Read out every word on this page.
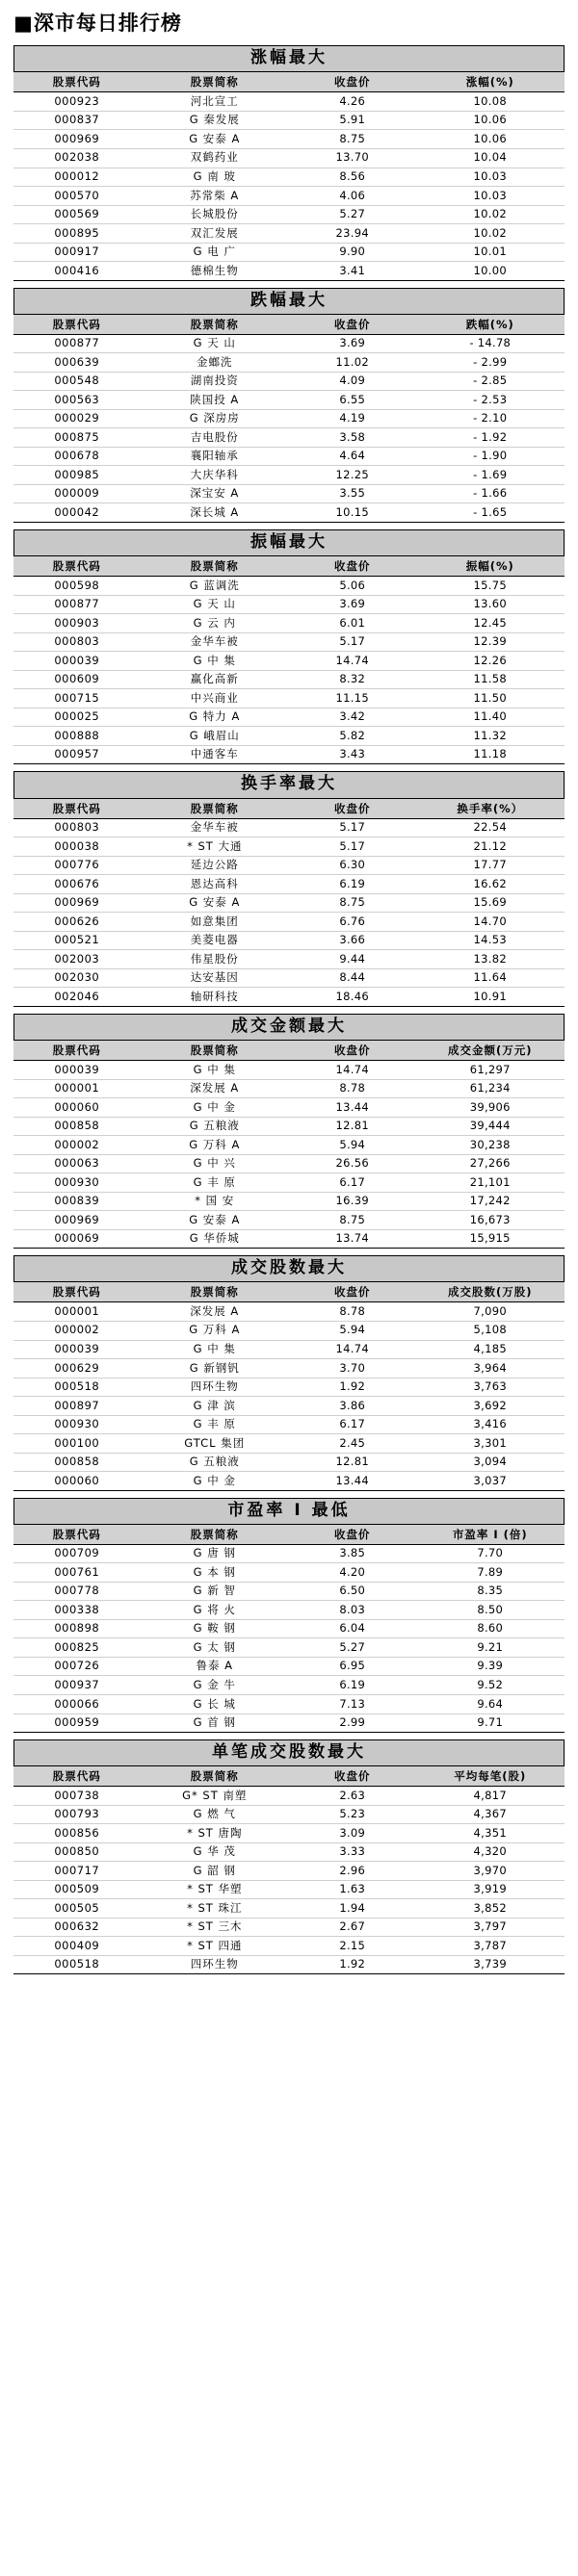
■深市每日排行榜
涨幅最大
股票代码	股票简称	收盘价	涨幅(%)
000923	河北宣工	4.26	10.08
000837	G 秦发展	5.91	10.06
000969	G 安泰 A	8.75	10.06
002038	双鹤药业	13.70	10.04
000012	G 南 玻	8.56	10.03
000570	苏常柴 A	4.06	10.03
000569	长城股份	5.27	10.02
000895	双汇发展	23.94	10.02
000917	G 电 广	9.90	10.01
000416	德棉生物	3.41	10.00
跌幅最大
股票代码	股票简称	收盘价	跌幅(%)
000877	G 天 山	3.69	- 14.78
000639	金螂洗	11.02	- 2.99
000548	湖南投资	4.09	- 2.85
000563	陕国投 A	6.55	- 2.53
000029	G 深房房	4.19	- 2.10
000875	吉电股份	3.58	- 1.92
000678	襄阳轴承	4.64	- 1.90
000985	大庆华科	12.25	- 1.69
000009	深宝安 A	3.55	- 1.66
000042	深长城 A	10.15	- 1.65
振幅最大
股票代码	股票简称	收盘价	振幅(%)
000598	G 蓝调洗	5.06	15.75
000877	G 天 山	3.69	13.60
000903	G 云 内	6.01	12.45
000803	金华车被	5.17	12.39
000039	G 中 集	14.74	12.26
000609	赢化高新	8.32	11.58
000715	中兴商业	11.15	11.50
000025	G 特力 A	3.42	11.40
000888	G 峨眉山	5.82	11.32
000957	中通客车	3.43	11.18
换手率最大
股票代码	股票简称	收盘价	换手率(%）
000803	金华车被	5.17	22.54
000038	* ST 大通	5.17	21.12
000776	延边公路	6.30	17.77
000676	恩达高科	6.19	16.62
000969	G 安泰 A	8.75	15.69
000626	如意集团	6.76	14.70
000521	美菱电器	3.66	14.53
002003	伟星股份	9.44	13.82
002030	达安基因	8.44	11.64
002046	轴研科技	18.46	10.91
成交金额最大
股票代码	股票简称	收盘价	成交金额(万元)
000039	G 中 集	14.74	61,297
000001	深发展 A	8.78	61,234
000060	G 中 金	13.44	39,906
000858	G 五粮液	12.81	39,444
000002	G 万科 A	5.94	30,238
000063	G 中 兴	26.56	27,266
000930	G 丰 原	6.17	21,101
000839	* 国 安	16.39	17,242
000969	G 安泰 A	8.75	16,673
000069	G 华侨城	13.74	15,915
成交股数最大
股票代码	股票简称	收盘价	成交股数(万股)
000001	深发展 A	8.78	7,090
000002	G 万科 A	5.94	5,108
000039	G 中 集	14.74	4,185
000629	G 新钢钒	3.70	3,964
000518	四环生物	1.92	3,763
000897	G 津 滨	3.86	3,692
000930	G 丰 原	6.17	3,416
000100	GTCL 集团	2.45	3,301
000858	G 五粮液	12.81	3,094
000060	G 中 金	13.44	3,037
市盈率 I 最低
股票代码	股票简称	收盘价	市盈率 I (倍)
000709	G 唐 钢	3.85	7.70
000761	G 本 钢	4.20	7.89
000778	G 新 智	6.50	8.35
000338	G 将 火	8.03	8.50
000898	G 鞍 钢	6.04	8.60
000825	G 太 钢	5.27	9.21
000726	鲁泰 A	6.95	9.39
000937	G 金 牛	6.19	9.52
000066	G 长 城	7.13	9.64
000959	G 首 钢	2.99	9.71
单笔成交股数最大
股票代码	股票简称	收盘价	平均每笔(股)
000738	G* ST 南塑	2.63	4,817
000793	G 燃 气	5.23	4,367
000856	* ST 唐陶	3.09	4,351
000850	G 华 茂	3.33	4,320
000717	G 韶 钢	2.96	3,970
000509	* ST 华塑	1.63	3,919
000505	* ST 珠江	1.94	3,852
000632	* ST 三木	2.67	3,797
000409	* ST 四通	2.15	3,787
000518	四环生物	1.92	3,739
